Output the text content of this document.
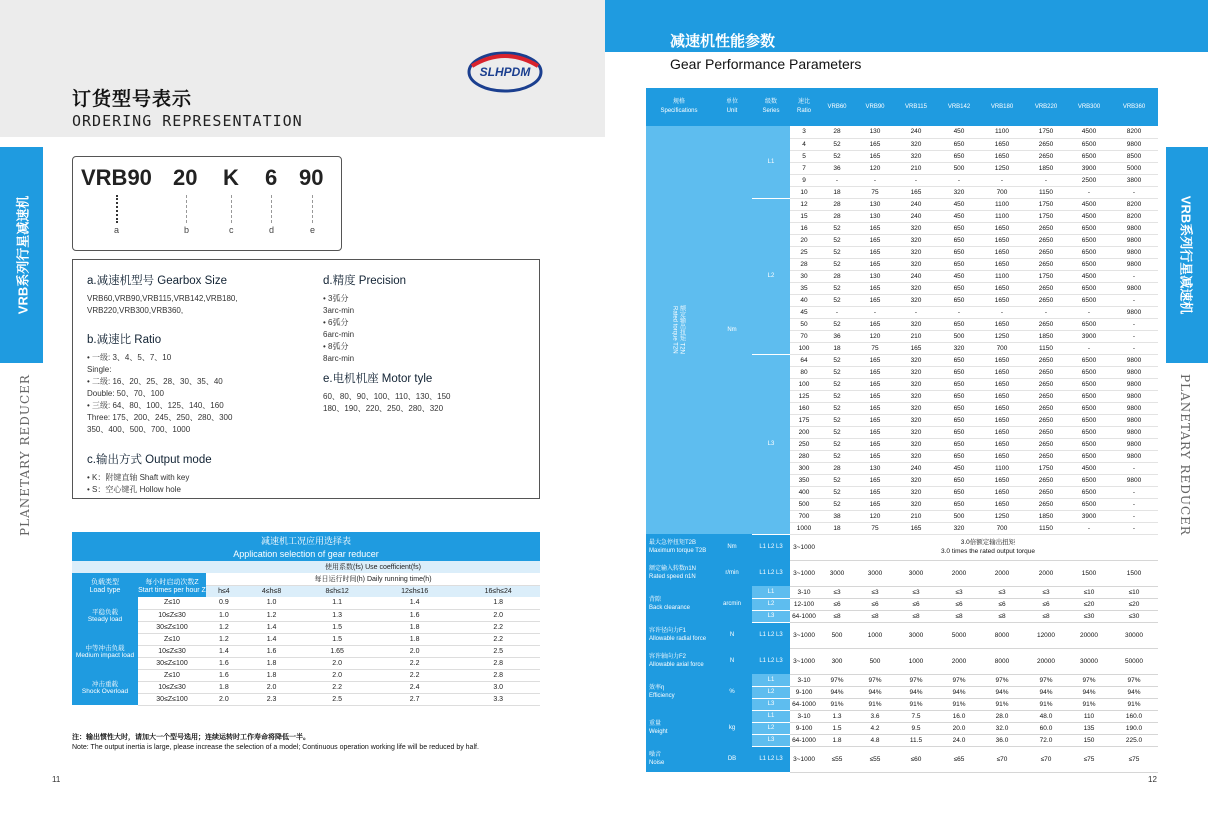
订货型号表示
ORDERING REPRESENTATION
SLHPDM
VRB系列行星减速机
PLANETARY REDUCER
VRB90 20 K 6 90
a	b	c	d	e
a.减速机型号 Gearbox Size
VRB60,VRB90,VRB115,VRB142,VRB180,
VRB220,VRB300,VRB360,
b.减速比 Ratio
• 一级: 3、4、5、7、10
Single:
• 二级: 16、20、25、28、30、35、40
Double: 50、70、100
• 三级: 64、80、100、125、140、160
Three: 175、200、245、250、280、300
350、400、500、700、1000
c.输出方式 Output mode
• K：附键直轴 Shaft with key
• S：空心键孔 Hollow hole
d.精度 Precision
• 3弧分
3arc-min
• 6弧分
6arc-min
• 8弧分
8arc-min
e.电机机座 Motor tyle
60、80、90、100、110、130、150
180、190、220、250、280、320
减速机工况应用选择表						
Application selection of gear reducer						
		使用系数(fs) Use coefficient(fs)				
负载类型
Load type	每小时启动次数Z
Start times per hour Z	每日运行时间(h) Daily running time(h)				
		h≤4	4≤h≤8	8≤h≤12	12≤h≤16	16≤h≤24
平稳负载
Steady load	Z≤10	0.9	1.0	1.1	1.4	1.8
	10≤Z≤30	1.0	1.2	1.3	1.6	2.0
	30≤Z≤100	1.2	1.4	1.5	1.8	2.2
中等冲击负载
Medium impact load	Z≤10	1.2	1.4	1.5	1.8	2.2
	10≤Z≤30	1.4	1.6	1.65	2.0	2.5
	30≤Z≤100	1.6	1.8	2.0	2.2	2.8
冲击重载
Shock Overload	Z≤10	1.6	1.8	2.0	2.2	2.8
	10≤Z≤30	1.8	2.0	2.2	2.4	3.0
	30≤Z≤100	2.0	2.3	2.5	2.7	3.3
注：输出惯性大时，请加大一个型号选用；连续运转时工作寿命将降低一半。
Note: The output inertia is large, please increase the selection of a model; Continuous operation working life will be reduced by half.
11
减速机性能参数
Gear Performance Parameters
VRB系列行星减速机
PLANETARY REDUCER
规格
Specifications	单位
Unit	级数
Series	速比
Ratio	VRB60	VRB90	VRB115	VRB142	VRB180	VRB220	VRB300	VRB360
额定输出扭矩 T2N
Rated torque T2N	Nm	L1	3	28	130	240	450	1100	1750	4500	8200
			4	52	165	320	650	1650	2650	6500	9800
			5	52	165	320	650	1650	2650	6500	8500
			7	36	120	210	500	1250	1850	3900	5000
			9	-	-	-	-	-	-	2500	3800
			10	18	75	165	320	700	1150	-	-
		L2	12	28	130	240	450	1100	1750	4500	8200
			15	28	130	240	450	1100	1750	4500	8200
			16	52	165	320	650	1650	2650	6500	9800
			20	52	165	320	650	1650	2650	6500	9800
			25	52	165	320	650	1650	2650	6500	9800
			28	52	165	320	650	1650	2650	6500	9800
			30	28	130	240	450	1100	1750	4500	-
			35	52	165	320	650	1650	2650	6500	9800
			40	52	165	320	650	1650	2650	6500	-
			45	-	-	-	-	-	-	-	9800
			50	52	165	320	650	1650	2650	6500	-
			70	36	120	210	500	1250	1850	3900	-
			100	18	75	165	320	700	1150	-	-
		L3	64	52	165	320	650	1650	2650	6500	9800
			80	52	165	320	650	1650	2650	6500	9800
			100	52	165	320	650	1650	2650	6500	9800
			125	52	165	320	650	1650	2650	6500	9800
			160	52	165	320	650	1650	2650	6500	9800
			175	52	165	320	650	1650	2650	6500	9800
			200	52	165	320	650	1650	2650	6500	9800
			250	52	165	320	650	1650	2650	6500	9800
			280	52	165	320	650	1650	2650	6500	9800
			300	28	130	240	450	1100	1750	4500	-
			350	52	165	320	650	1650	2650	6500	9800
			400	52	165	320	650	1650	2650	6500	-
			500	52	165	320	650	1650	2650	6500	-
			700	38	120	210	500	1250	1850	3900	-
			1000	18	75	165	320	700	1150	-	-
最大急停扭矩T2B
Maximum torque T2B	Nm	L1 L2 L3	3~1000	3.0倍额定输出扭矩
3.0 times the rated output torque							
额定输入转数n1N
Rated speed n1N	r/min	L1 L2 L3	3~1000	3000	3000	3000	2000	2000	2000	1500	1500
背隙
Back clearance	arcmin	L1	3-10	≤3	≤3	≤3	≤3	≤3	≤3	≤10	≤10
		L2	12-100	≤6	≤6	≤6	≤6	≤6	≤6	≤20	≤20
		L3	64-1000	≤8	≤8	≤8	≤8	≤8	≤8	≤30	≤30
容许径向力F1
Allowable radial force	N	L1 L2 L3	3~1000	500	1000	3000	5000	8000	12000	20000	30000
容许轴向力F2
Allowable axial force	N	L1 L2 L3	3~1000	300	500	1000	2000	8000	20000	30000	50000
效率η
Efficiency	%	L1	3-10	97%	97%	97%	97%	97%	97%	97%	97%
		L2	9-100	94%	94%	94%	94%	94%	94%	94%	94%
		L3	64-1000	91%	91%	91%	91%	91%	91%	91%	91%
重量
Weight	kg	L1	3-10	1.3	3.6	7.5	16.0	28.0	48.0	110	160.0
		L2	9-100	1.5	4.2	9.5	20.0	32.0	60.0	135	190.0
		L3	64-1000	1.8	4.8	11.5	24.0	36.0	72.0	150	225.0
噪音
Noise	DB	L1 L2 L3	3~1000	≤55	≤55	≤60	≤65	≤70	≤70	≤75	≤75
12
